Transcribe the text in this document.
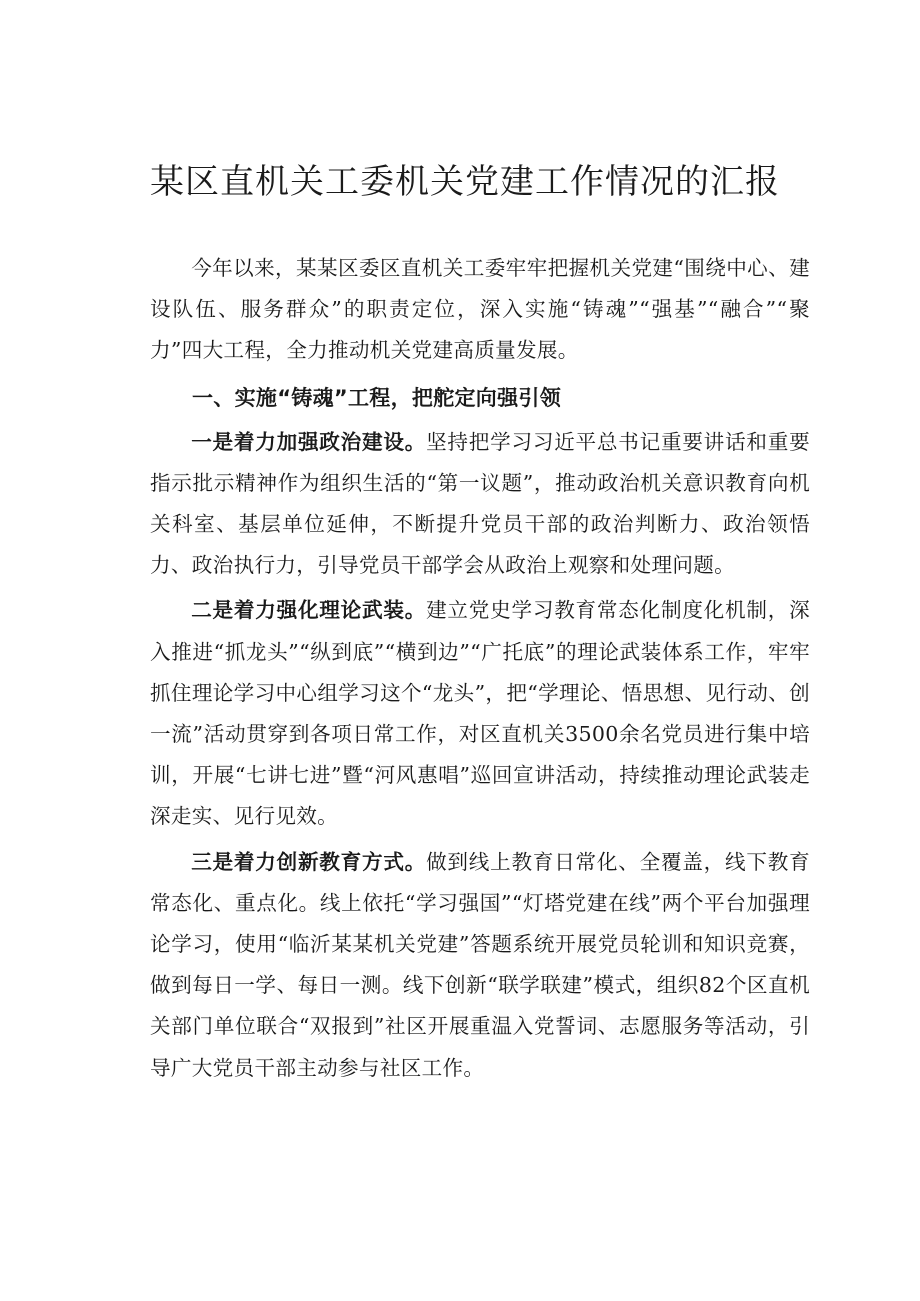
某区直机关工委机关党建工作情况的汇报

今年以来，某某区委区直机关工委牢牢把握机关党建“围绕中心、建设队伍、服务群众”的职责定位，深入实施“铸魂”“强基”“融合”“聚力”四大工程，全力推动机关党建高质量发展。

一、实施“铸魂”工程，把舵定向强引领

一是着力加强政治建设。坚持把学习习近平总书记重要讲话和重要指示批示精神作为组织生活的“第一议题”，推动政治机关意识教育向机关科室、基层单位延伸，不断提升党员干部的政治判断力、政治领悟力、政治执行力，引导党员干部学会从政治上观察和处理问题。

二是着力强化理论武装。建立党史学习教育常态化制度化机制，深入推进“抓龙头”“纵到底”“横到边”“广托底”的理论武装体系工作，牢牢抓住理论学习中心组学习这个“龙头”，把“学理论、悟思想、见行动、创一流”活动贯穿到各项日常工作，对区直机关3500余名党员进行集中培训，开展“七讲七进”暨“河风惠唱”巡回宣讲活动，持续推动理论武装走深走实、见行见效。

三是着力创新教育方式。做到线上教育日常化、全覆盖，线下教育常态化、重点化。线上依托“学习强国”“灯塔党建在线”两个平台加强理论学习，使用“临沂某某机关党建”答题系统开展党员轮训和知识竞赛，做到每日一学、每日一测。线下创新“联学联建”模式，组织82个区直机关部门单位联合“双报到”社区开展重温入党誓词、志愿服务等活动，引导广大党员干部主动参与社区工作。
